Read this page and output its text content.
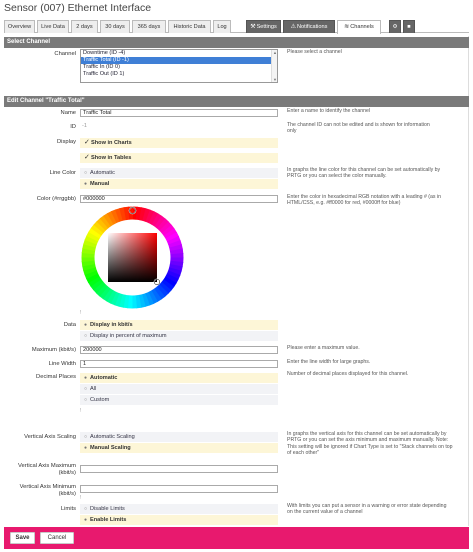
Sensor (007) Ethernet Interface
Overview	Live Data	2 days	30 days	365 days	Historic Data	Log	⚒Settings	⚠Notifications	≋Channels	⚙	■
Select Channel
Channel	Downtime (ID -4)
Traffic Total (ID -1)
Traffic In (ID 0)
Traffic Out (ID 1)
▲
▼
Please select a channel
Edit Channel "Traffic Total"
Name	Traffic Total	Enter a name to identify the channel
ID	-1	The channel ID can not be edited and is shown for information only
Display	✓Show in Charts
✓Show in Tables
Line Color	○ Automatic
● Manual
In graphs the line color for this channel can be set automatically by PRTG or you can select the color manually.
Color (#rrggbb)	#000000	Enter the color in hexadecimal RGB notation with a leading # (as in HTML/CSS, e.g. #ff0000 for red, #0000ff for blue)
!
Data	● Display in kbit/s
○ Display in percent of maximum
Maximum (kbit/s)	200000	Please enter a maximum value.
Line Width	1	Enter the line width for large graphs.
Decimal Places	● Automatic
○ All
○ Custom
Number of decimal places displayed for this channel.
!
Vertical Axis Scaling	○ Automatic Scaling
● Manual Scaling
In graphs the vertical axis for this channel can be set automatically by PRTG or you can set the axis minimum and maximum manually. Note: This setting will be ignored if Chart Type is set to "Stack channels on top of each other"
Vertical Axis Maximum (kbit/s)
Vertical Axis Minimum (kbit/s)
!
Limits	○ Disable Limits
● Enable Limits
With limits you can put a sensor in a warning or error state depending on the current value of a channel
Save	Cancel
